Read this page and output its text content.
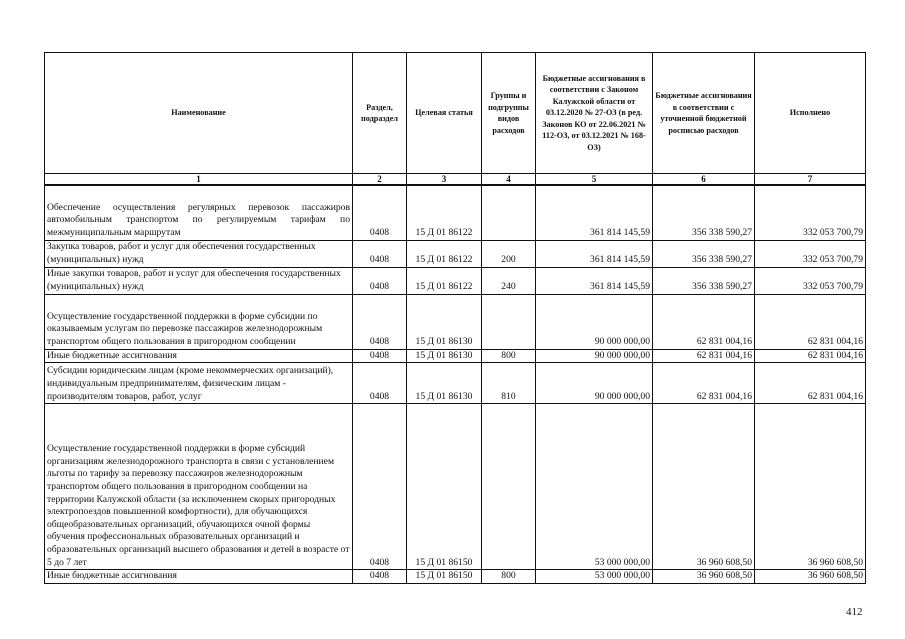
Наименование	Раздел, подраздел	Целевая статья	Группы и подгруппы видов расходов	Бюджетные ассигнования в соответствии с Законом Калужской области от 03.12.2020 № 27-ОЗ (в ред. Законов КО от 22.06.2021 № 112-ОЗ, от 03.12.2021 № 168-ОЗ)	Бюджетные ассигнования в соответствии с уточненной бюджетной росписью расходов	Исполнено
1	2	3	4	5	6	7
Обеспечение осуществления регулярных перевозок пассажиров автомобильным транспортом по регулируемым тарифам по межмуниципальным маршрутам	0408	15 Д 01 86122		361 814 145,59	356 338 590,27	332 053 700,79
Закупка товаров, работ и услуг для обеспечения государственных (муниципальных) нужд	0408	15 Д 01 86122	200	361 814 145,59	356 338 590,27	332 053 700,79
Иные закупки товаров, работ и услуг для обеспечения государственных (муниципальных) нужд	0408	15 Д 01 86122	240	361 814 145,59	356 338 590,27	332 053 700,79
Осуществление государственной поддержки в форме субсидии по оказываемым услугам по перевозке пассажиров железнодорожным транспортом общего пользования в пригородном сообщении	0408	15 Д 01 86130		90 000 000,00	62 831 004,16	62 831 004,16
Иные бюджетные ассигнования	0408	15 Д 01 86130	800	90 000 000,00	62 831 004,16	62 831 004,16
Субсидии юридическим лицам (кроме некоммерческих организаций), индивидуальным предпринимателям, физическим лицам - производителям товаров, работ, услуг	0408	15 Д 01 86130	810	90 000 000,00	62 831 004,16	62 831 004,16
Осуществление государственной поддержки в форме субсидий организациям железнодорожного транспорта в связи с установлением льготы по тарифу за перевозку пассажиров железнодорожным транспортом общего пользования в пригородном сообщении на территории Калужской области (за исключением скорых пригородных электропоездов повышенной комфортности), для обучающихся общеобразовательных организаций, обучающихся очной формы обучения профессиональных образовательных организаций и образовательных организаций высшего образования и детей в возрасте от 5 до 7 лет	0408	15 Д 01 86150		53 000 000,00	36 960 608,50	36 960 608,50
Иные бюджетные ассигнования	0408	15 Д 01 86150	800	53 000 000,00	36 960 608,50	36 960 608,50
412
